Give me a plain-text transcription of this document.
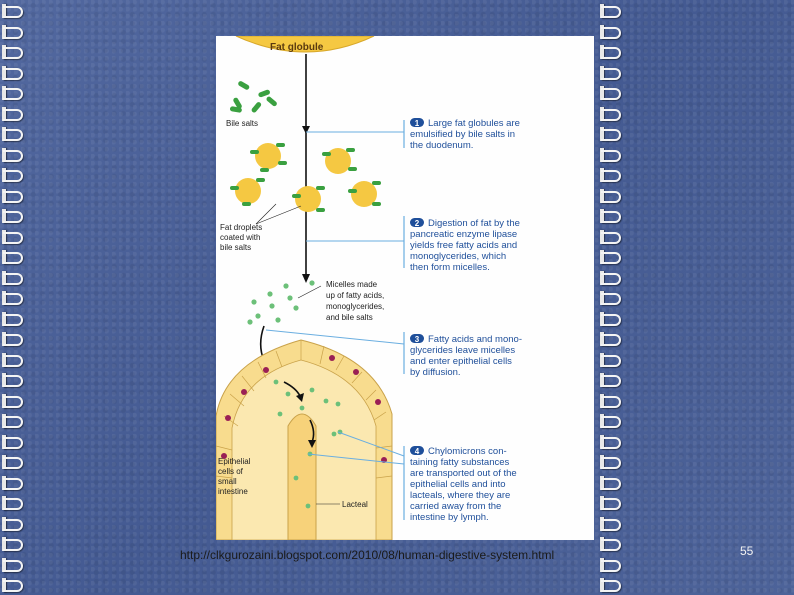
Fat globule
Bile salts
Fat droplets coated with bile salts
Micelles made up of fatty acids, monoglycerides, and bile salts
Epithelial cells of small intestine
Lacteal
1 Large fat globules are emulsified by bile salts in the duodenum.
2 Digestion of fat by the pancreatic enzyme lipase yields free fatty acids and monoglycerides, which then form micelles.
3 Fatty acids and mono- glycerides leave micelles and enter epithelial cells by diffusion.
4 Chylomicrons con- taining fatty substances are transported out of the epithelial cells and into lacteals, where they are carried away from the intestine by lymph.
http://clkgurozaini.blogspot.com/2010/08/human-digestive-system.html	55
